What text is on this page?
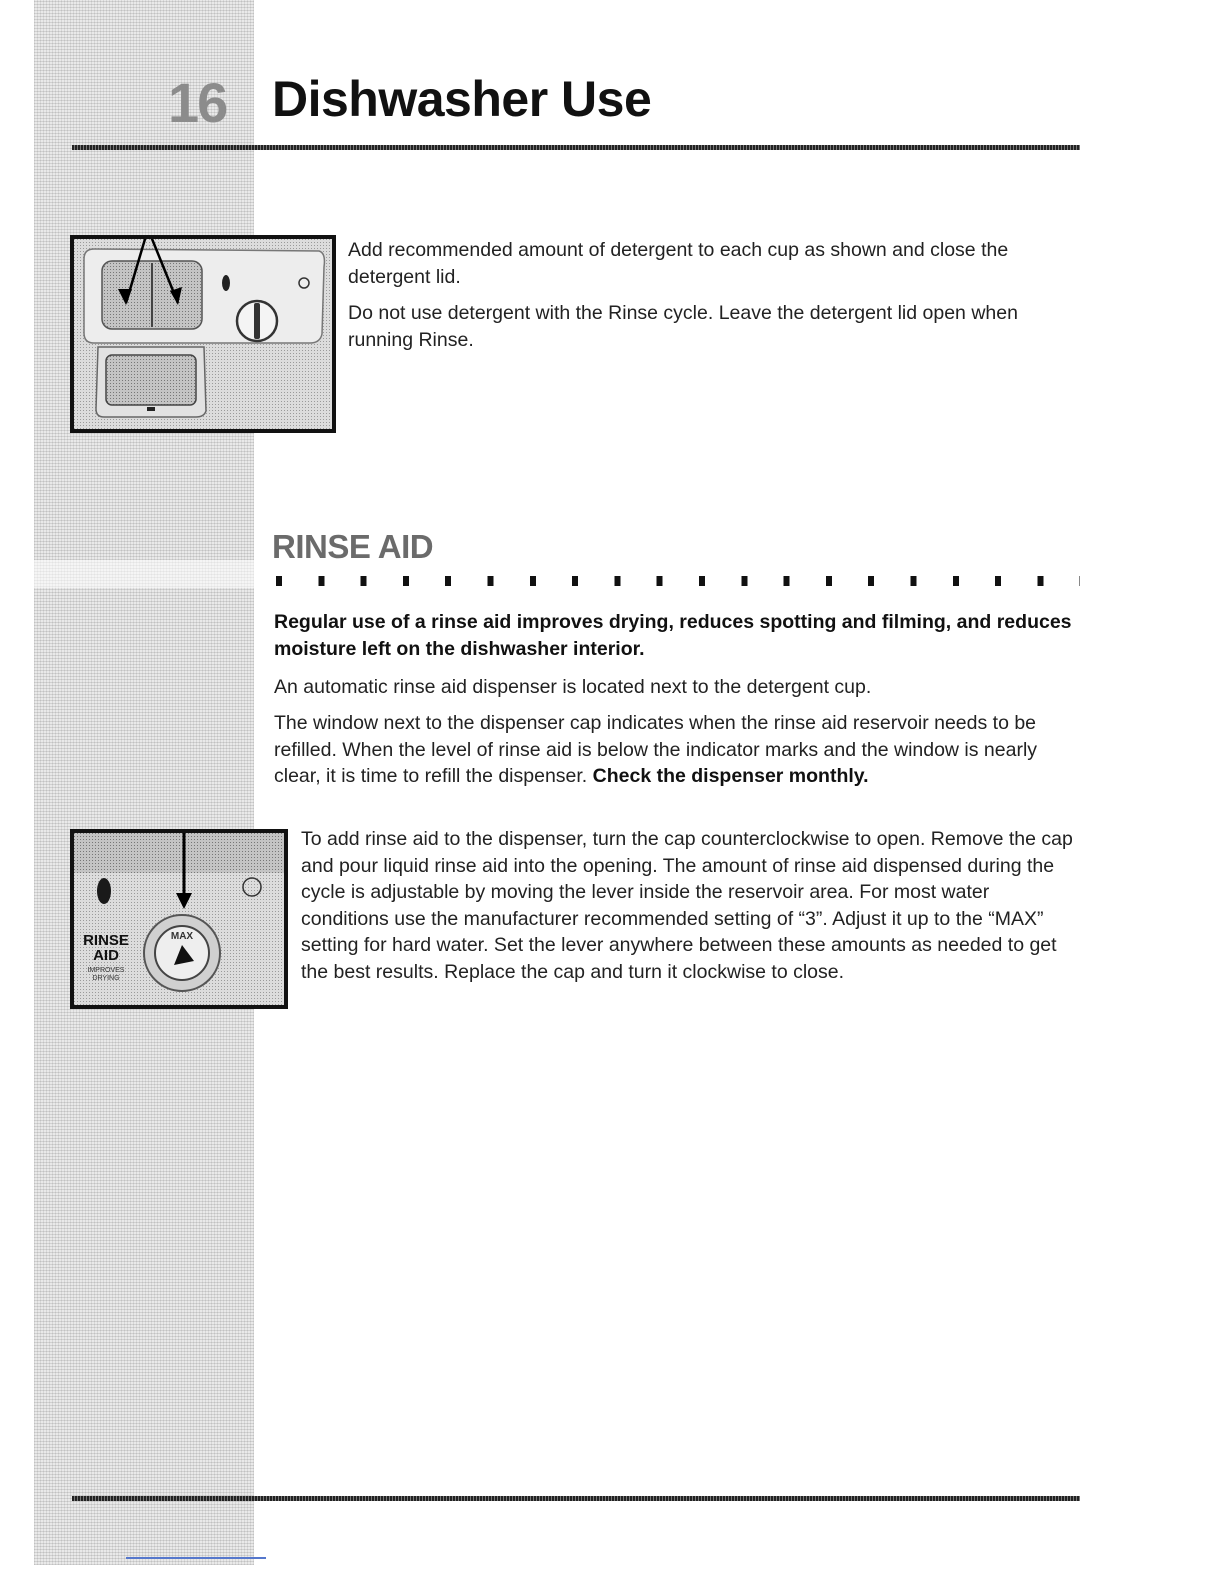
16 Dishwasher Use

Add recommended amount of detergent to each cup as shown and close the detergent lid.

Do not use detergent with the Rinse cycle. Leave the detergent lid open when running Rinse.

RINSE AID

Regular use of a rinse aid improves drying, reduces spotting and filming, and reduces moisture left on the dishwasher interior.

An automatic rinse aid dispenser is located next to the detergent cup.

The window next to the dispenser cap indicates when the rinse aid reservoir needs to be refilled. When the level of rinse aid is below the indicator marks and the window is nearly clear, it is time to refill the dispenser. Check the dispenser monthly.

MAX
RINSE
AID
IMPROVES
DRYING

To add rinse aid to the dispenser, turn the cap counterclockwise to open. Remove the cap and pour liquid rinse aid into the opening. The amount of rinse aid dispensed during the cycle is adjustable by moving the lever inside the reservoir area. For most water conditions use the manufacturer recommended setting of “3”. Adjust it up to the “MAX” setting for hard water. Set the lever anywhere between these amounts as needed to get the best results. Replace the cap and turn it clockwise to close.
